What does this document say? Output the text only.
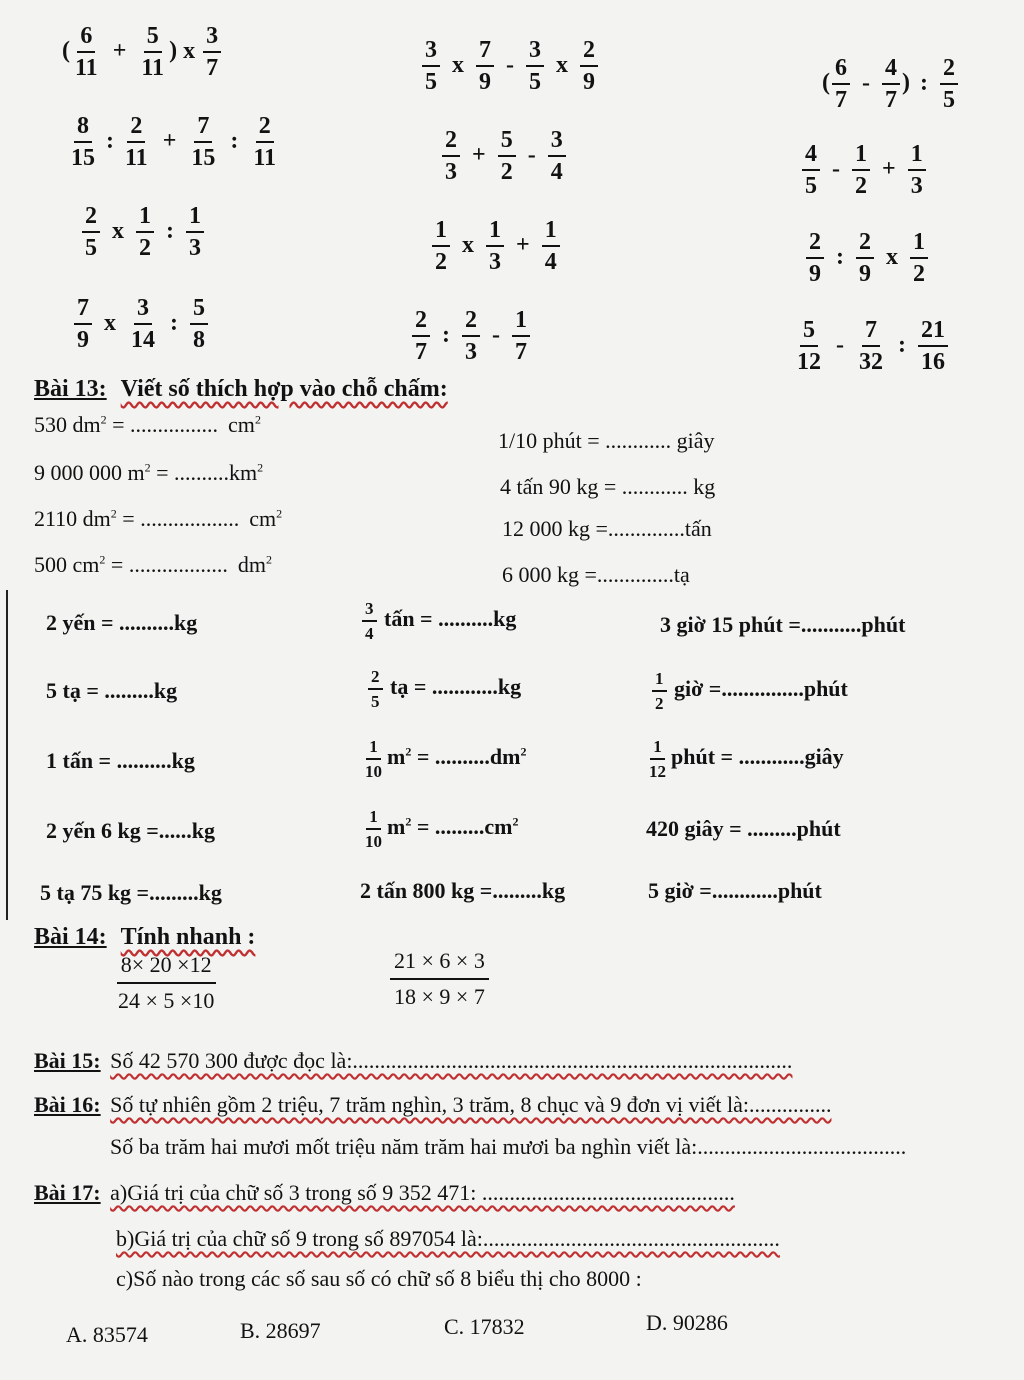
( $\frac{6}{11} + \frac{5}{11}$ ) x $\frac{3}{7}$	$\frac{3}{5}$ x $\frac{7}{9} - \frac{3}{5}$ x $\frac{2}{9}$	( $\frac{6}{7} - \frac{4}{7}$ ) : $\frac{2}{5}$
$\frac{8}{15}$ : $\frac{2}{11} + \frac{7}{15}$ : $\frac{2}{11}$	$\frac{2}{3} + \frac{5}{2} - \frac{3}{4}$	$\frac{4}{5} - \frac{1}{2} + \frac{1}{3}$
$\frac{2}{5}$ x $\frac{1}{2}$ : $\frac{1}{3}$	$\frac{1}{2}$ x $\frac{1}{3} + \frac{1}{4}$	$\frac{2}{9}$ : $\frac{2}{9}$ x $\frac{1}{2}$
$\frac{7}{9}$ x $\frac{3}{14}$ : $\frac{5}{8}$	$\frac{2}{7}$ : $\frac{2}{3} - \frac{1}{7}$	$\frac{5}{12} - \frac{7}{32}$ : $\frac{21}{16}$
Bài 13: Viết số thích hợp vào chỗ chấm:
530 $dm^2$ = ................ $cm^2$
9 000 000 $m^2 = ..........km^2$
2110 $dm^2$ = .................. $cm^2$
500 $cm^2$ = .................. $dm^2$
1/10 phút = ............ giây
4 tấn 90 kg = ............ kg
12 000 kg =..............tấn
6 000 kg =..............tạ
2 yến = ..........kg
5 tạ = .........kg
1 tấn = ..........kg
2 yến 6 kg =......kg
5 tạ 75 kg =.........kg
$\frac{3}{4}$ tấn = ..........kg
$\frac{2}{5}$ tạ = ............kg
$\frac{1}{10} m^2 = ..........dm^2$
$\frac{1}{10} m^2 = .........cm^2$
2 tấn 800 kg =.........kg
3 giờ 15 phút =...........phút
$\frac{1}{2}$ giờ =...............phút
$\frac{1}{12}$ phút = ............giây
420 giây = .........phút
5 giờ =............phút
Bài 14: Tính nhanh :
$\frac{8\times 20 \times 12}{24 \times 5 \times 10}$	$\frac{21 \times 6 \times 3}{18 \times 9 \times 7}$
Bài 15: Số 42 570 300 được đọc là:................................................................................
Bài 16: Số tự nhiên gồm 2 triệu, 7 trăm nghìn, 3 trăm, 8 chục và 9 đơn vị viết là:...............
Số ba trăm hai mươi mốt triệu năm trăm hai mươi ba nghìn viết là:......................................
Bài 17: a)Giá trị của chữ số 3 trong số 9 352 471: ..............................................
b)Giá trị của chữ số 9 trong số 897054 là:......................................................
c)Số nào trong các số sau số có chữ số 8 biểu thị cho 8000 :
A. 83574	B. 28697	C. 17832	D. 90286
